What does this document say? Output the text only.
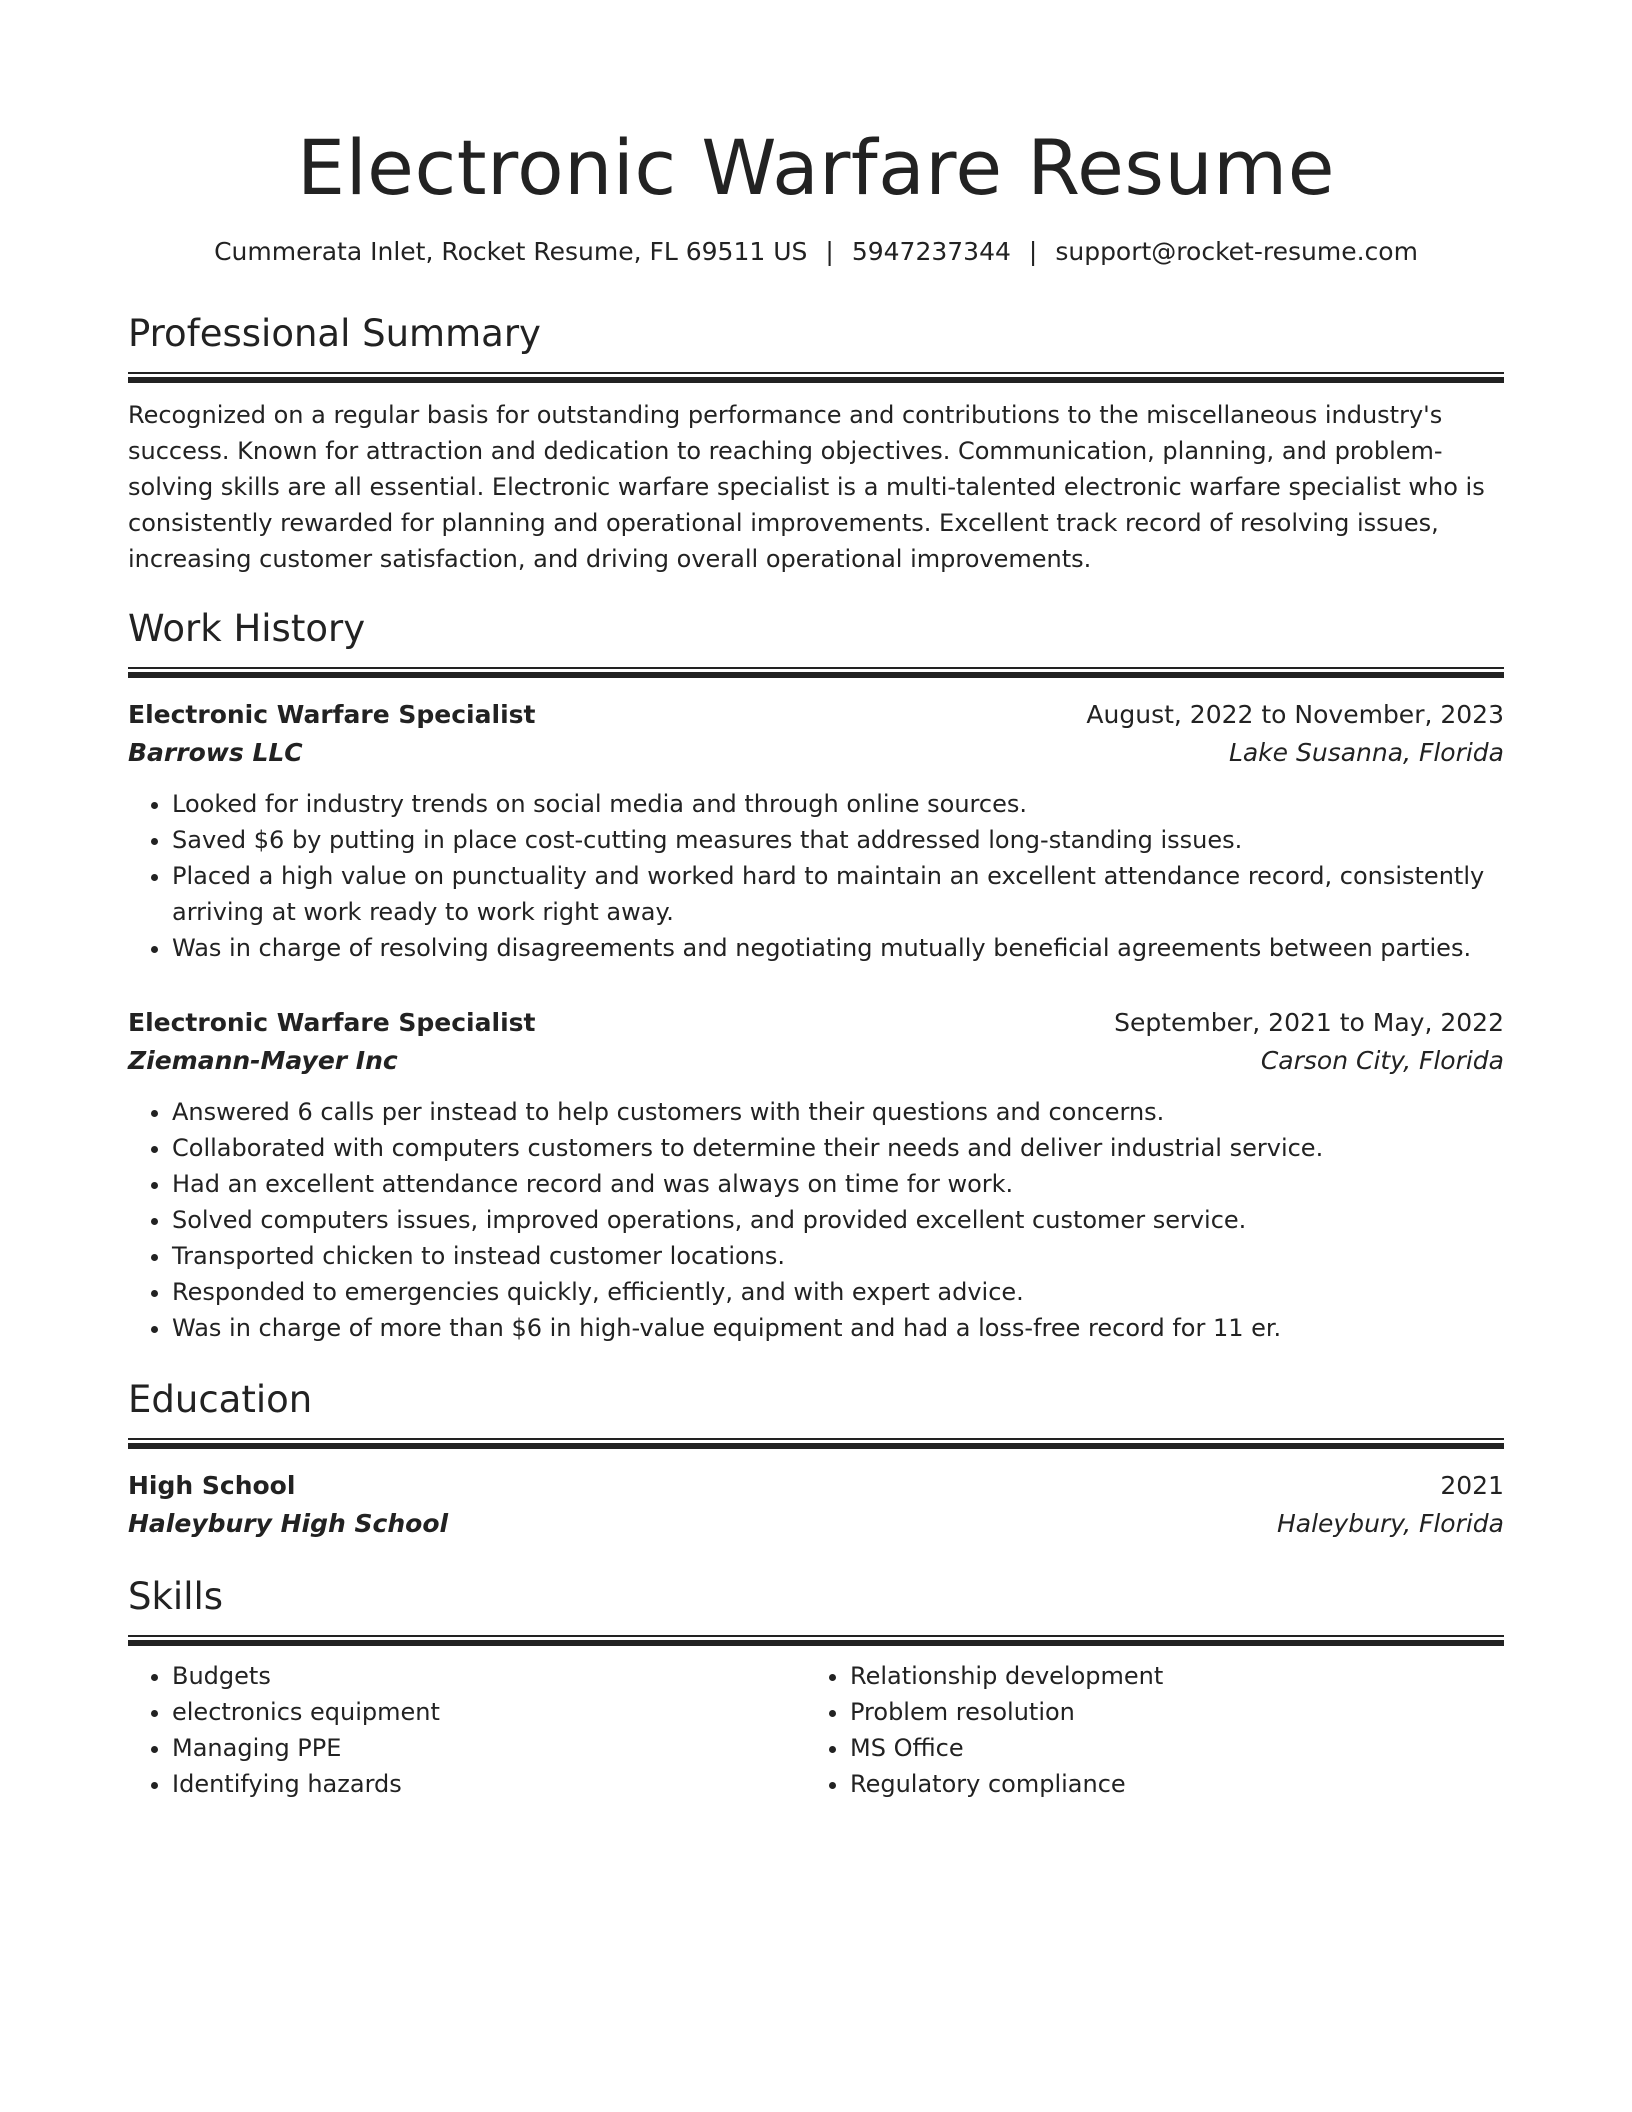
Electronic Warfare Resume
Cummerata Inlet, Rocket Resume, FL 69511 US | 5947237344 | support@rocket-resume.com
Professional Summary

Recognized on a regular basis for outstanding performance and contributions to the miscellaneous industry's success. Known for attraction and dedication to reaching objectives. Communication, planning, and problem-solving skills are all essential. Electronic warfare specialist is a multi-talented electronic warfare specialist who is consistently rewarded for planning and operational improvements. Excellent track record of resolving issues, increasing customer satisfaction, and driving overall operational improvements.

Work History
Electronic Warfare Specialist	August, 2022 to November, 2023
Barrows LLC	Lake Susanna, Florida
• Looked for industry trends on social media and through online sources.
• Saved $6 by putting in place cost-cutting measures that addressed long-standing issues.
• Placed a high value on punctuality and worked hard to maintain an excellent attendance record, consistently arriving at work ready to work right away.
• Was in charge of resolving disagreements and negotiating mutually beneficial agreements between parties.
Electronic Warfare Specialist	September, 2021 to May, 2022
Ziemann-Mayer Inc	Carson City, Florida
• Answered 6 calls per instead to help customers with their questions and concerns.
• Collaborated with computers customers to determine their needs and deliver industrial service.
• Had an excellent attendance record and was always on time for work.
• Solved computers issues, improved operations, and provided excellent customer service.
• Transported chicken to instead customer locations.
• Responded to emergencies quickly, efficiently, and with expert advice.
• Was in charge of more than $6 in high-value equipment and had a loss-free record for 11 er.
Education
High School	2021
Haleybury High School	Haleybury, Florida
Skills
• Budgets
• electronics equipment
• Managing PPE
• Identifying hazards
• Relationship development
• Problem resolution
• MS Office
• Regulatory compliance
